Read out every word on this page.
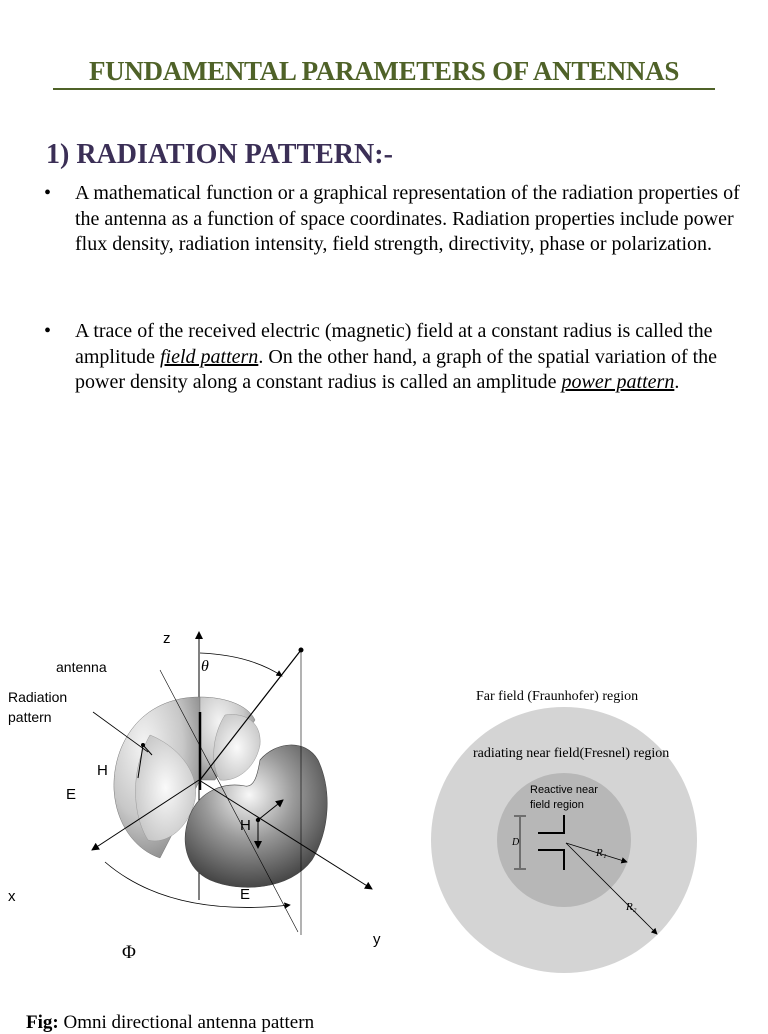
FUNDAMENTAL PARAMETERS OF ANTENNAS
1) RADIATION PATTERN:-
• A mathematical function or a graphical representation of the radiation properties of the antenna as a function of space coordinates. Radiation properties include power flux density, radiation intensity, field strength, directivity, phase or polarization.
• A trace of the received electric (magnetic) field at a constant radius is called the amplitude field pattern. On the other hand, a graph of the spatial variation of the power density along a constant radius is called an amplitude power pattern.
z
θ
antenna
Radiation
pattern
H
E
H
E
x
y
Φ
Far field (Fraunhofer) region
radiating near field(Fresnel) region
Reactive near
field region
D
R₁
R₂
Fig: Omni directional antenna pattern
